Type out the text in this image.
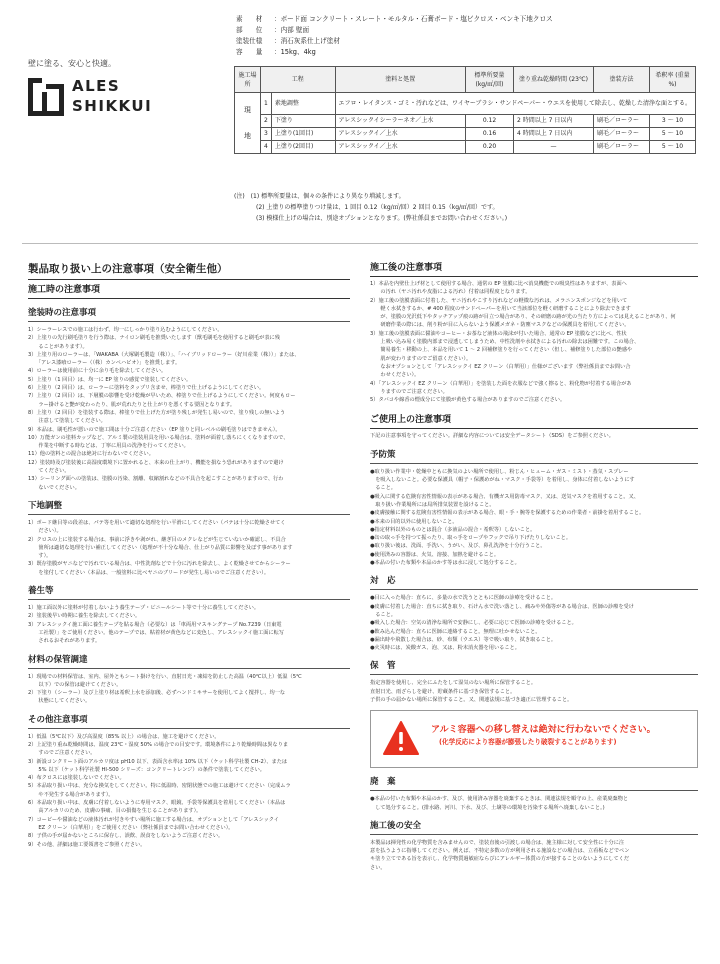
壁に塗る、安心と快適。
ALES
SHIKKUI
素　　材	：ボード面 コンクリート・スレート・モルタル・石膏ボード・塩ビクロス・ベンキ下地クロス
部　　位	：内部 壁面
塗装仕様	：消石灰系仕上げ塗材
容　　量	：15kg、4kg
施工場所	工程		塗料と処置	標準所要量 (kg/㎡/回)	塗り重ね乾燥時間 (23℃)	塗装方法	希釈率 (重量 %)

現
地	1	素地調整	エフロ・レイタンス・ゴミ・汚れなどは、ワイヤーブラシ・サンドペーパー・ウエスを使用して除去し、乾燥した清浄な面とする。				
	2	下塗り	アレスシックイシーラーネオ／上水	0.12	2 時間以上 7 日以内	刷毛／ローラー	3 ～ 10
	3	上塗り(1回目)	アレスシックイ／上水	0.16	4 時間以上 7 日以内	刷毛／ローラー	5 ～ 10
	4	上塗り(2回目)	アレスシックイ／上水	0.20	—	刷毛／ローラー	5 ～ 10
(注)　(1) 標準所要量は、個々の条件により異なり増減します。
(2) 上塗りの標準塗りつけ量は、1 回目 0.12（kg/㎡/回）2 回目 0.15（kg/㎡/回）です。
(3) 模様仕上げの場合は、別途オプションとなります。(弊社係員までお問い合わせください。)
製品取り扱い上の注意事項（安全衛生他）
施工時の注意事項
塗装時の注意事項
1）シーラーレスでの施工は行わず、均一にしっかり塗り込むようにしてください。
2）上塗りの先行刷毛塗りを行う際は、ナイロン刷毛を推奨いたします（獣毛刷毛を使用すると刷毛が表に残
　　ることがあります）。
3）上塗り用のローラーは、「WAKABA（大塚刷毛製造（株））」、「ハイブリッドローラー（好川産業（株））」または、
　　「アレス漆喰ローラー（（株）カンペハピオ）」を推奨します。
4）ローラーは使用前に十分に余り毛を除去してください。
5）上塗り（1 回目）は、均一に EP 塗りの感覚で塗装してください。
6）上塗り（2 回目）は、ローラーに塗料をタップリ含ませ、棒塗りで仕上げるようにしてください。
7）上塗り（2 回目）は、下層膜の影響を受け乾燥が早いため、棒塗りで仕上げるようにしてください。何度もロー
　　ラー掛けると艶が変わったり、肌が荒れたりと仕上がりを悪くする要因となります。
8）上塗り（2 回目）を塗装する際は、棒塗りで仕上げた方が塗り残しが発生し易いので、塗り残しの無いよう
　　注意して塗装してください。
9）本品は、刷毛性が悪いので施工間は十分ご注意ください（EP 塗りと同レベルの刷毛塗りはできません）。
10）万能ガンの塗料カップなど、アルミ製の塗装用具を用いる場合は、塗料が面着し落ちにくくなりますので、
　　作業を中断する時などは、丁寧に用具の洗浄を行ってください。
11）他の塗料との混合は絶対に行わないでください。
12）塗装時及び塗装後に高湿度環境下に置かれると、本来の仕上がり、機能を損なう恐れがありますので避け
　　てください。
13）シーリング面への塗装は、塗膜の汚染、割離、収縮割れなどの不具合を起こすことがありますので、行わ
　　ないでください。
下地調整
1）ボード継目等の段差は、パテ等を用いて適切な処理を行い平滑にしてください（パテは十分に乾燥させてく
　　ださい）。
2）クロスの上に塗装する場合は、事前に浮きや剥がれ、継ぎ目のメクレなどが生じていないか確認し、不具合
　　箇所は適切な処理を行い補正してください（処理が不十分な場合、仕上がり品質に影響を及ぼす事があります
　　す）。
3）既存塗膜がヤニなどで汚れている場合は、中性洗剤などで十分に汚れを除去し、よく乾燥させてからシーラー
　　を塗付してください（本品は、一般塗料に比べヤニのブリードが発生し易いのでご注意ください）。
養生等
1）施工面以外に塗料が付着しないよう養生テープ・ビニールシート等で十分に養生してください。
2）塗装後早い時期に養生を除去してください。
3）アレスシックイ施工面に養生テープを貼る場合（必要な）は「車両用マスキングテープ No.7239（日東電
　　工社製）」をご使用ください。他のテープでは、粘着材が黄色などに変色し、アレスシックイ施工面に転写
　　されるおそれがあります。
材料の保管調達
1）現場での材料保管は、室内、屋外ともシート掛けを行い、直射日光・凍結を防止した高温（40℃以上）低温（5℃
　　以下）での保管は避けてください。
2）下塗り（シーラー）及び上塗り材は希釈上水を添加後、必ずハンドミキサーを使用してよく撹拌し、均一な
　　状態にしてください。
その他注意事項
1）低温（5℃以下）及び高湿度（85% 以上）の場合は、施工を避けてください。
2）上記塗り重ね乾燥時間は、温度 23℃・湿度 50% の場合での目安です。環境条件により乾燥時間は異なりま
　　すのでご注意ください。
3）新設コンクリート面のアルカリ度は pH10 以下、表面含水率は 10% 以下（ケット科学社製 CH-2）、または
　　5% 以下（ケット科学社製 HI-500 シリーズ：コンクリートレンジ）の条件で塗装してください。
4）布クロスには塗装しないでください。
5）本品取り扱い中は、充分な換気をしてください。特に低温時、密閉状態での施工は避けてください（完成ムラ
　　や不発生する場合があります）。
6）本品取り扱い中は、皮膚に付着しないように専用マスク、眼鏡、手袋等保護具を着用してください（本品は
　　高アルカリのため、皮膚の事痛、目の損傷を生じることがあります）。
7）コーピーや醤油などの液体汚れが付きやすい場所に施工する場合は、オプションとして「アレスシックイ
　　EZ クリーン（白華用）」をご使用ください（弊社係員までお問い合わせください）。
8）子供の手が届かないところに保存し、誤飲、誤食をしないようご注意ください。
9）その他、詳細は施工要領書をご参照ください。
施工後の注意事項
1）本品を内壁仕上げ材として使用する場合、通常の EP 塗膜に比べ消臭機能での吸臭性はありますが、表面へ
　　の汚れ（ヤニ汚れや皮脂による汚れ）付着は同程度となります。
2）施工後の塗膜表面に付着した、ヤニ汚れやこすり汚れなどの軽微な汚れは、メラニンスポンジなどを用いて
　　軽く水拭きするか、# 400 程度のサンドペーパーを用いて当該部位を軽く研磨することにより除去できます
　　が、塗膜の光沢低下やタッチアップ痕の跡が目立つ場合があり、その研磨の跡が光の当たり方によっては見えることがあり、何
　　研磨作業の際には、削り粉が目に入らないよう保護メガネ・防塵マスクなどの保護具を着用してください。
3）施工後の塗膜表面に醤油やコーヒー・お茶など液体の飛沫が付いた場合、通常の EP 塗膜などに比べ、性状
　　上吸い込み易く塗膜内部まで浸透してしまうため、中性洗剤や水拭きによる汚れの除去は困難です。この場合、
　　簡易養生・移動の上、本品を用いて 1 ～ 2 回補修塗りを行ってください（但し、補修塗りした部位の艶感や
　　肌が変わりますのでご留意ください）。
　　なおオプションとして「アレスシックイ EZ クリーン（白華用）」仕様がございます（弊社係員までお問い合
　　わせください）。
4）「アレスシックイ EZ クリーン（白華用）」を塗装した面を衣服などで強く擦ると、粉化物が付着する場合があ
　　りますのでご注意ください。
5）タバコや線香の煙成分にて塗膜が黄色する場合がありますのでご注意ください。
ご使用上の注意事項
下記の注意事項を守ってください。詳細な内容については安全データシート（SDS）をご参照ください。
予防策
●取り扱い作業中・乾燥中ともに換気のよい場所で使用し、粉じん・ヒューム・ガス・ミスト・蒸気・スプレー
　を吸入しないこと。必要な保護具（帽子・保護めがね・マスク・手袋等）を着用し、身体に付着しないようにす
　ること。
●吸入に関する危険有害性情報の表示がある場合、有機ガス用防毒マスク、又は、送気マスクを着用すること。又、
　取り扱い作業場所には局所排気装置を設けること。
●皮膚接触に関する危険有害性情報の表示がある場合、眼・手・腕等を保護するための作業者・前掛を着用すること。
●本来の目的以外に使用しないこと。
●指定材料以外のものとは混合（多液品の混合・希釈等）しないこと。
●缶の取っ手を持つて振ったり、取っ手をロープやフックで吊り下げたりしないこと。
●取り扱い後は、洗面、手洗い、うがい、及び、鼻孔洗浄を十分行うこと。
●使用済みの容器は、火気、溶接、加熱を避けること。
●本品の付いた布類や本品のかす等は水に浸して処分すること。
対　応
●目に入った場合：直ちに、多量の水で洗うとともに医師の診療を受けること。
●皮膚に付着した場合：直ちに拭き取り、石けん水で洗い落とし、痛みや外傷等がある場合は、医師の診療を受け
　ること。
●吸入した場合：空気の清浄な場所で安静にし、必要に応じて医師の診療を受けること。
●飲み込んだ場合：直ちに医師に連絡すること。無理に吐かせないこと。
●漏出時や飛散した場合は、砂、布類（ウエス）等で吸い取り、拭き取ること。
●火災時には、炭酸ガス、泡、又は、粉末消火器を用いること。
保　管
指定容器を使用し、完全にふたをして湿気のない場所に保管すること。
直射日光、雨ざらしを避け、貯蔵条件に基づき保管すること。
子供の手の届かない場所に保管すること。又、関連法規に基づき適正に管理すること。
アルミ容器への移し替えは絶対に行わないでください。
(化学反応により容器が膨張したり破裂することがあります)
廃　棄
●本品の付いた布類や本品のかす、及び、使用済み容器を廃棄するときは、関連法規を順守の上、産業廃棄物と
　して処分すること。(排水路、河川、下水、及び、土壌等の環境を汚染する場所へ廃棄しないこと。)
施工後の安全
本製品は揮発性の化学物質を含みませんので、塗装直後の引渡しの場合は、施主様に対して安全性に十分に注
意を払うように指導してください。例えば、不特定多数の方が利用される施設などの場合は、立看板などでペン
キ塗り立てである旨を表示し、化学物質過敏症ならびにアレルギー体質の方が接することのないようにしてくだ
さい。
